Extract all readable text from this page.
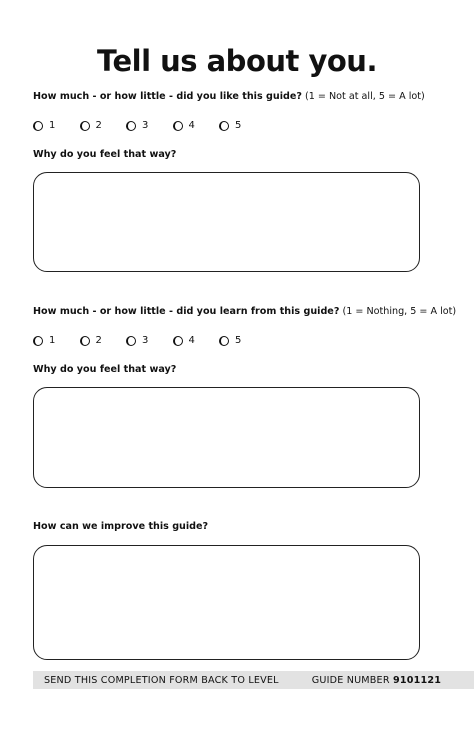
Tell us about you.
How much - or how little - did you like this guide? (1 = Not at all, 5 = A lot)
1	2	3	4	5
Why do you feel that way?
How much - or how little - did you learn from this guide? (1 = Nothing, 5 = A lot)
1	2	3	4	5
Why do you feel that way?
How can we improve this guide?
SEND THIS COMPLETION FORM BACK TO LEVEL	GUIDE NUMBER 9101121
